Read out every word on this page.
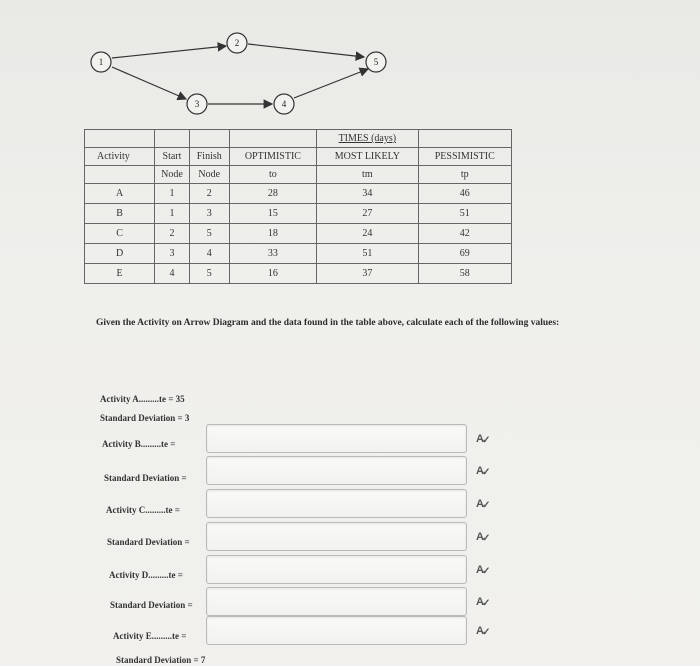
1
2
3	4
5
				TIMES (days)	
Activity	Start	Finish	OPTIMISTIC	MOST LIKELY	PESSIMISTIC
	Node	Node	to	tm	tp
A	1	2	28	34	46
B	1	3	15	27	51
C	2	5	18	24	42
D	3	4	33	51	69
E	4	5	16	37	58
Given the Activity on Arrow Diagram and the data found in the table above, calculate each of the following values:
Activity A.........te = 35
Standard Deviation = 3
Activity B.........te =
Standard Deviation =
Activity C.........te =
Standard Deviation =
Activity D.........te =
Standard Deviation =
Activity E.........te =
Standard Deviation = 7
A
✓
A
✓
A
✓
A
✓
A
✓
A
✓
A
✓
